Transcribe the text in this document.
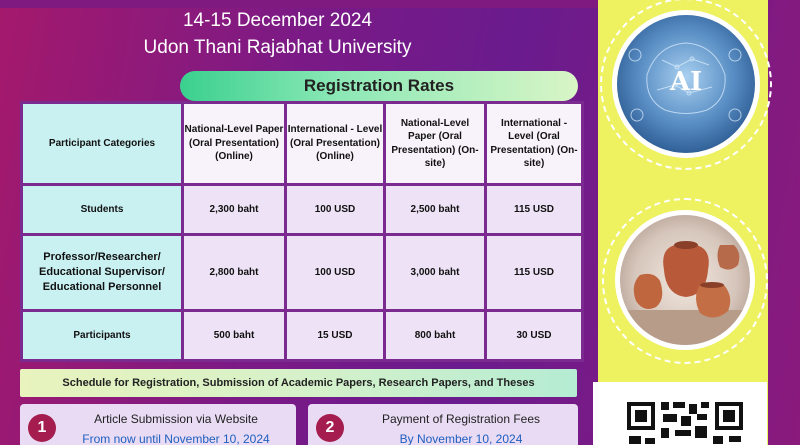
14-15 December 2024
Udon Thani Rajabhat University
Registration Rates
Participant Categories	National-Level Paper (Oral Presentation) (Online)	International - Level (Oral Presentation) (Online)	National-Level Paper (Oral Presentation) (On-site)	International - Level (Oral Presentation) (On-site)
Students	2,300 baht	100 USD	2,500 baht	115 USD
Professor/Researcher/ Educational Supervisor/ Educational Personnel	2,800 baht	100 USD	3,000 baht	115 USD
Participants	500 baht	15 USD	800 baht	30 USD
Schedule for Registration, Submission of Academic Papers, Research Papers, and Theses
1	Article Submission via Website
From now until November 10, 2024
2	Payment of Registration Fees
By November 10, 2024
AI
